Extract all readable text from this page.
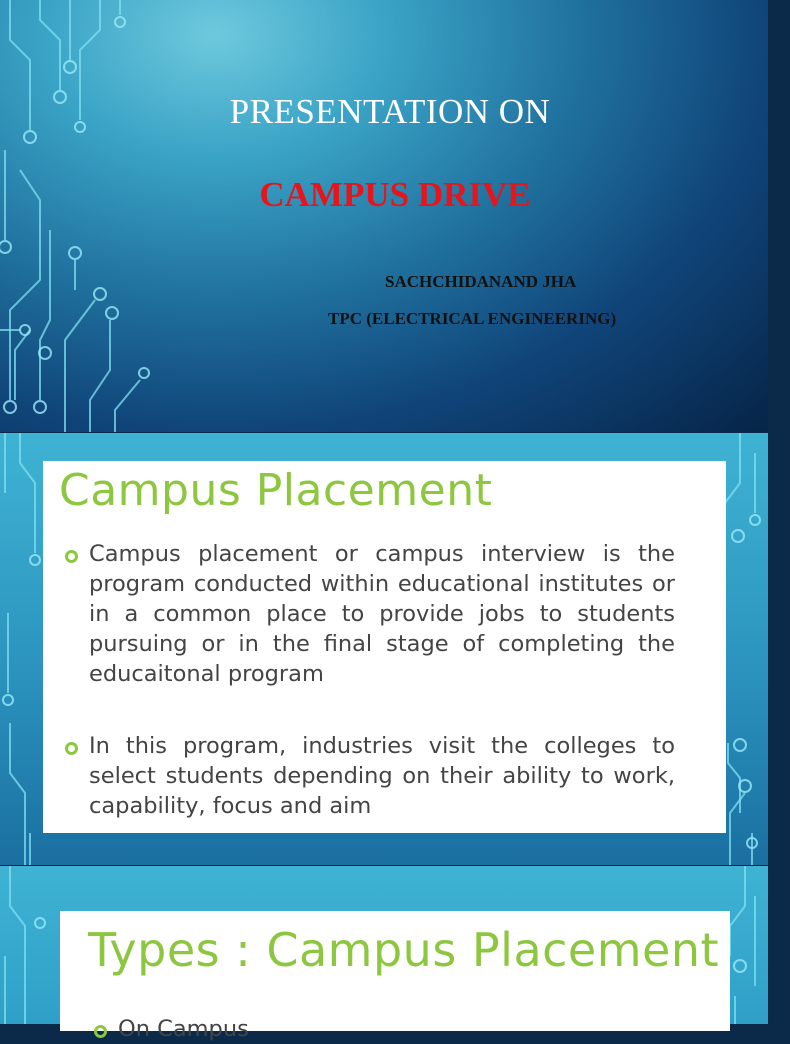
PRESENTATION ON
CAMPUS DRIVE
SACHCHIDANAND JHA
TPC (ELECTRICAL ENGINEERING)
Campus Placement
Campus placement or campus interview is the program conducted within educational institutes or in a common place to provide jobs to students pursuing or in the final stage of completing the educaitonal program
In this program, industries visit the colleges to select students depending on their ability to work, capability, focus and aim
Types : Campus Placement
On Campus
